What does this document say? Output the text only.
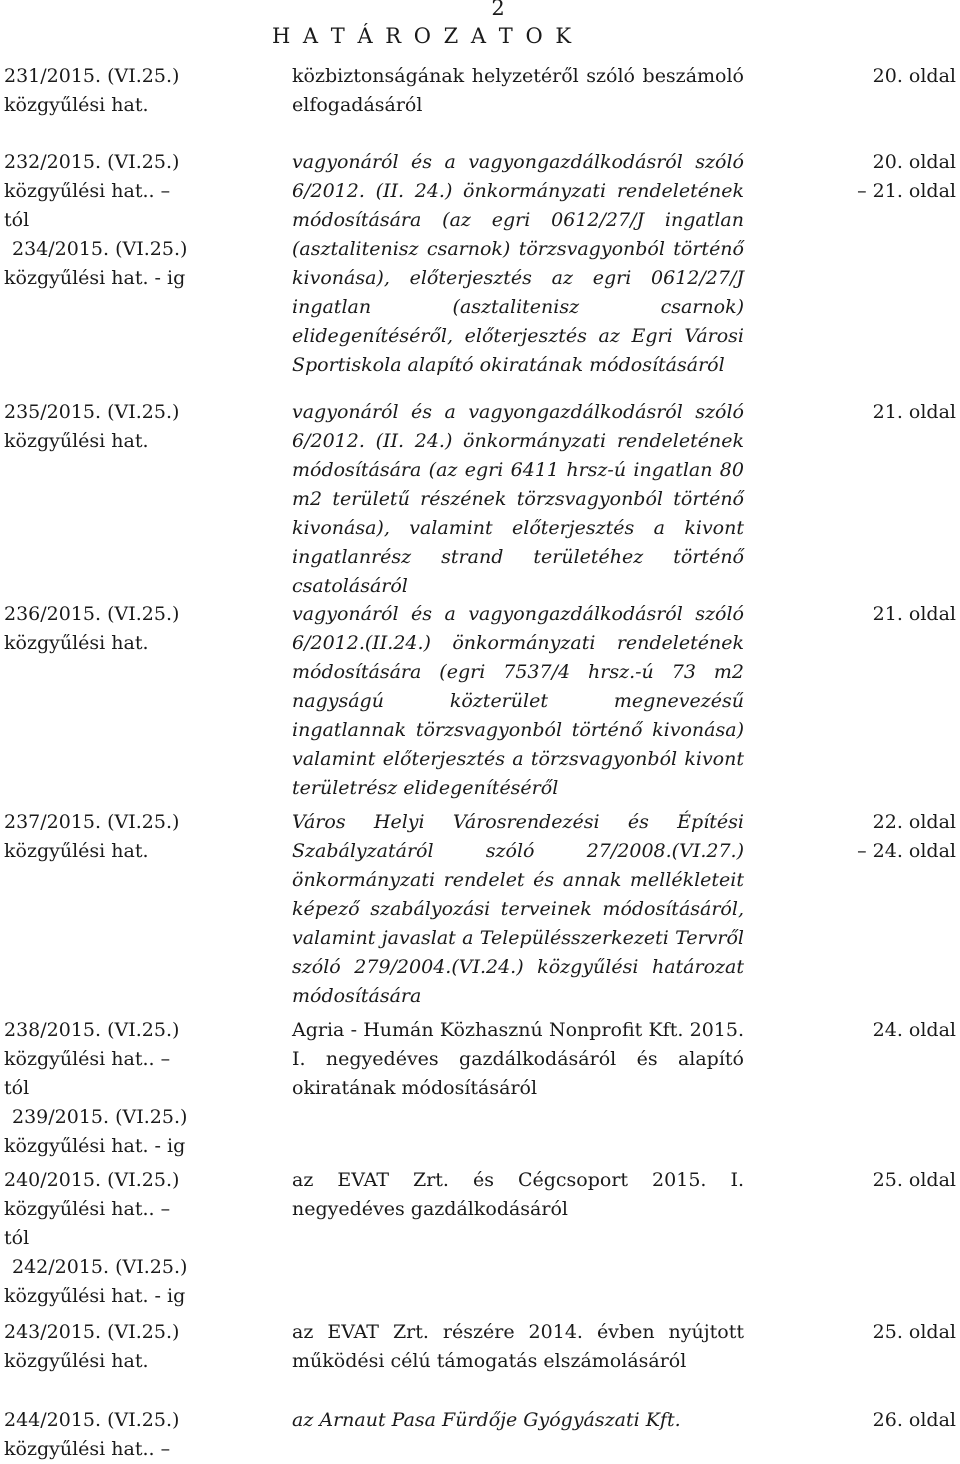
2
H A T Á R O Z A T O K
231/2015. (VI.25.)
közgyűlési hat.
közbiztonságának helyzetéről szóló beszámoló elfogadásáról
20. oldal
232/2015. (VI.25.)
közgyűlési hat.. –
tól
234/2015. (VI.25.)
közgyűlési hat. - ig
vagyonáról és a vagyongazdálkodásról szóló 6/2012. (II. 24.) önkormányzati rendeletének módosítására (az egri 0612/27/J ingatlan (asztalitenisz csarnok) törzsvagyonból történő kivonása), előterjesztés az egri 0612/27/J ingatlan (asztalitenisz csarnok) elidegenítéséről, előterjesztés az Egri Városi Sportiskola alapító okiratának módosításáról
20. oldal
– 21. oldal
235/2015. (VI.25.)
közgyűlési hat.
vagyonáról és a vagyongazdálkodásról szóló 6/2012. (II. 24.) önkormányzati rendeletének módosítására (az egri 6411 hrsz-ú ingatlan 80 m2 területű részének törzsvagyonból történő kivonása), valamint előterjesztés a kivont ingatlanrész strand területéhez történő csatolásáról
21. oldal
236/2015. (VI.25.)
közgyűlési hat.
vagyonáról és a vagyongazdálkodásról szóló 6/2012.(II.24.) önkormányzati rendeletének módosítására (egri 7537/4 hrsz.-ú 73 m2 nagyságú közterület megnevezésű ingatlannak törzsvagyonból történő kivonása) valamint előterjesztés a törzsvagyonból kivont területrész elidegenítéséről
21. oldal
237/2015. (VI.25.)
közgyűlési hat.
Város Helyi Városrendezési és Építési Szabályzatáról szóló 27/2008.(VI.27.) önkormányzati rendelet és annak mellékleteit képező szabályozási terveinek módosításáról, valamint javaslat a Településszerkezeti Tervről szóló 279/2004.(VI.24.) közgyűlési határozat módosítására
22. oldal
– 24. oldal
238/2015. (VI.25.)
közgyűlési hat.. –
tól
239/2015. (VI.25.)
közgyűlési hat. - ig
Agria - Humán Közhasznú Nonprofit Kft. 2015. I. negyedéves gazdálkodásáról és alapító okiratának módosításáról
24. oldal
240/2015. (VI.25.)
közgyűlési hat.. –
tól
242/2015. (VI.25.)
közgyűlési hat. - ig
az EVAT Zrt. és Cégcsoport 2015. I. negyedéves gazdálkodásáról
25. oldal
243/2015. (VI.25.)
közgyűlési hat.
az EVAT Zrt. részére 2014. évben nyújtott működési célú támogatás elszámolásáról
25. oldal
244/2015. (VI.25.)
közgyűlési hat.. –
az Arnaut Pasa Fürdője Gyógyászati Kft.	26. oldal
